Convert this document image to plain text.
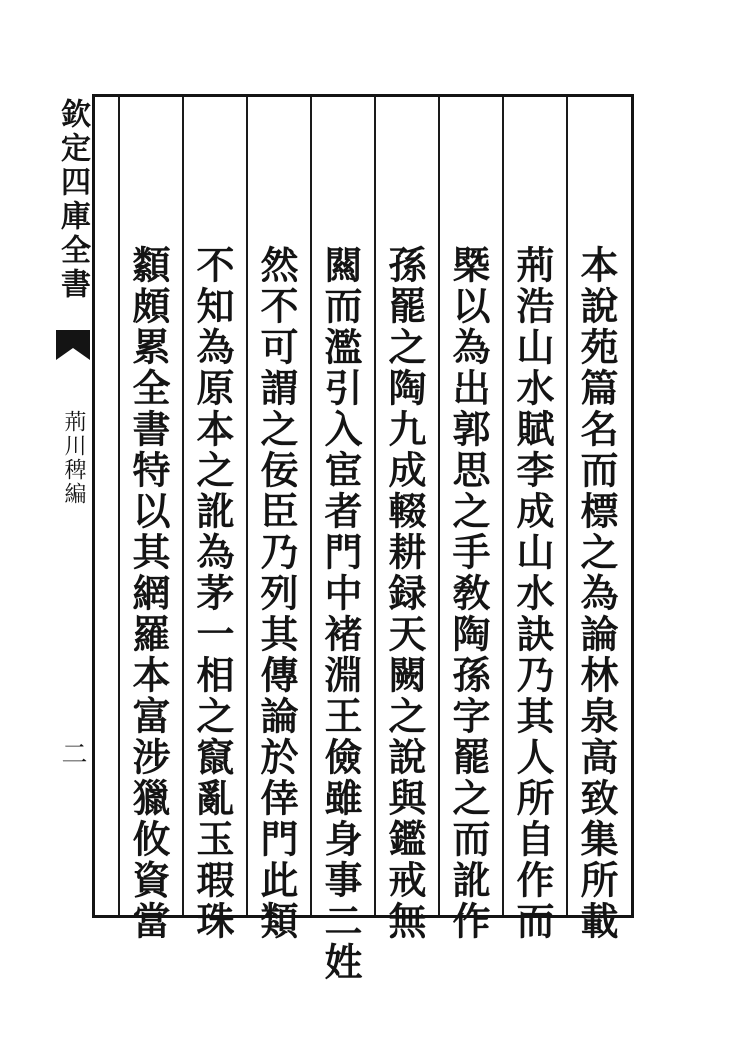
欽定四庫全書
荊川稗編
二	本說苑篇名而標之為論林泉高致集所載
荊浩山水賦李成山水訣乃其人所自作而
槩以為出郭思之手敎陶孫字罷之而訛作
孫罷之陶九成輟耕録天闕之說與鑑戒無
闗而濫引入宦者門中褚淵王儉雖身事二姓
然不可謂之佞臣乃列其傳論於倖門此類
不知為原本之訛為茅一相之竄亂玉瑕珠
纇頗累全書特以其網羅本富涉獵攸資當
